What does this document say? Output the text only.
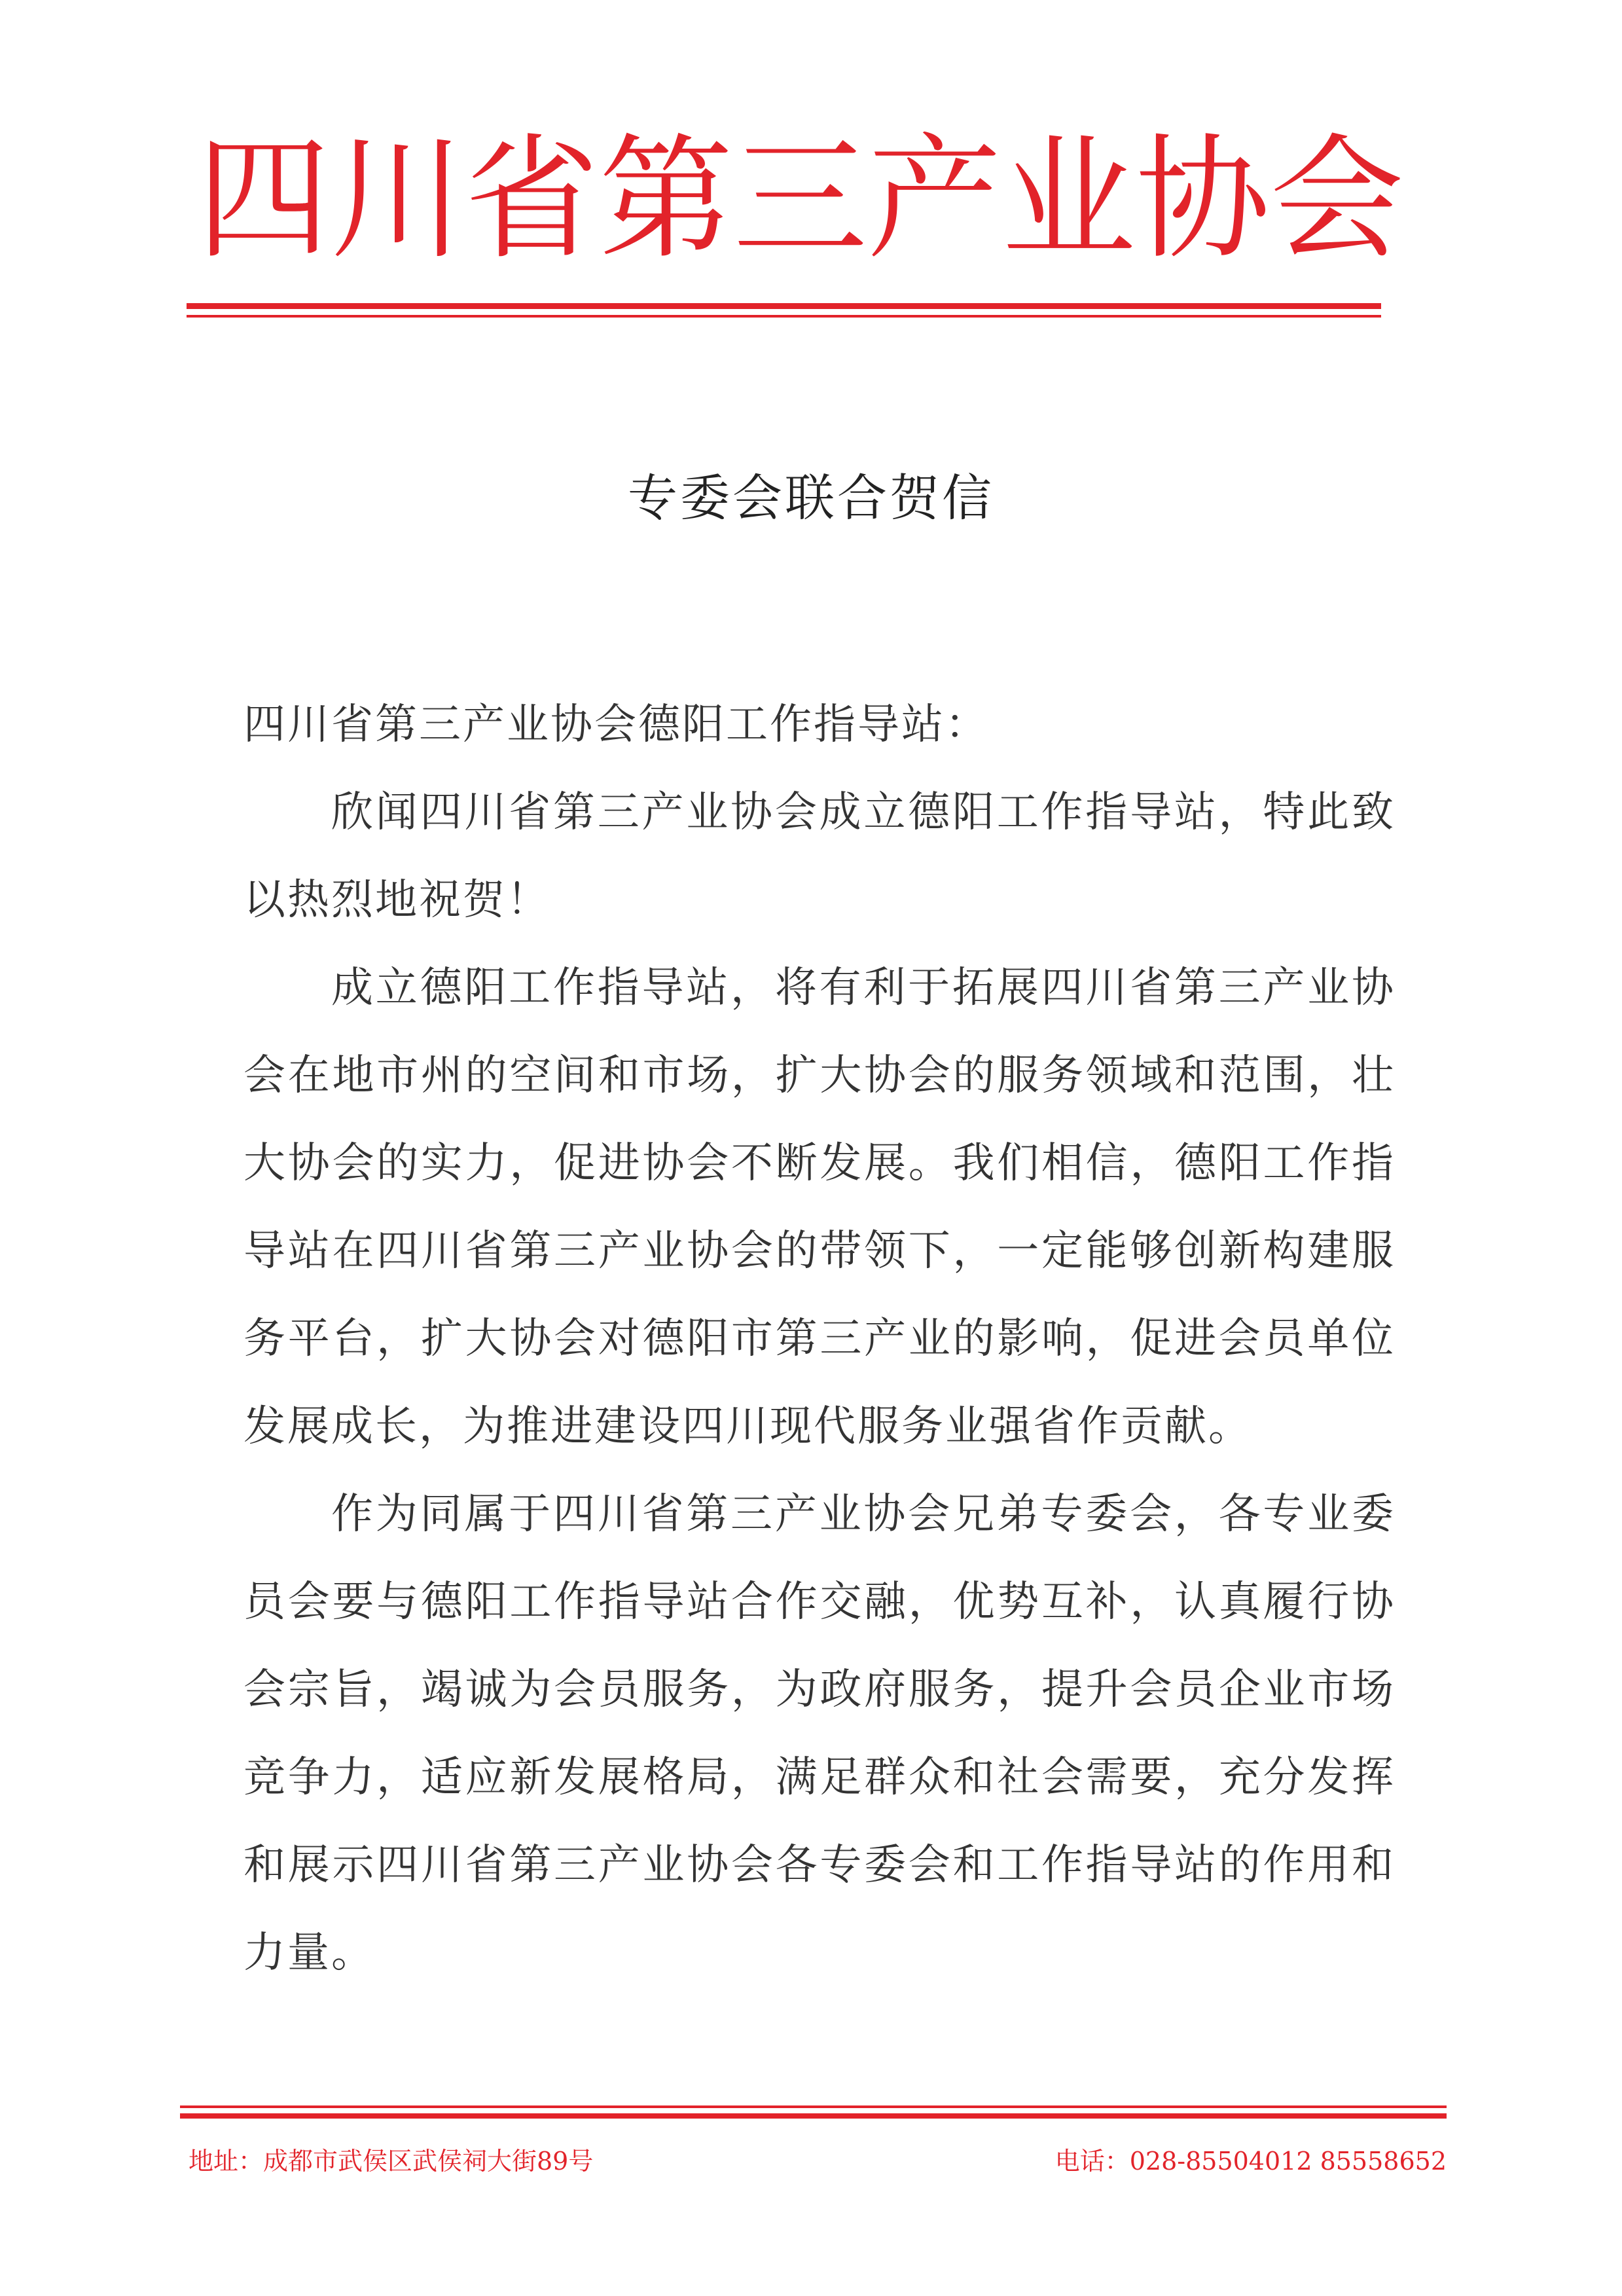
四 川 省 第 三 产 业 协 会
专委会联合贺信

四川省第三产业协会德阳工作指导站：

欣闻四川省第三产业协会成立德阳工作指导站，特此致以热烈地祝贺！

成立德阳工作指导站，将有利于拓展四川省第三产业协会在地市州的空间和市场，扩大协会的服务领域和范围，壮大协会的实力，促进协会不断发展。我们相信，德阳工作指导站在四川省第三产业协会的带领下，一定能够创新构建服务平台，扩大协会对德阳市第三产业的影响，促进会员单位发展成长，为推进建设四川现代服务业强省作贡献。

作为同属于四川省第三产业协会兄弟专委会，各专业委员会要与德阳工作指导站合作交融，优势互补，认真履行协会宗旨，竭诚为会员服务，为政府服务，提升会员企业市场竞争力，适应新发展格局，满足群众和社会需要，充分发挥和展示四川省第三产业协会各专委会和工作指导站的作用和力量。

地址：成都市武侯区武侯祠大街89号	电话：028-85504012 85558652
